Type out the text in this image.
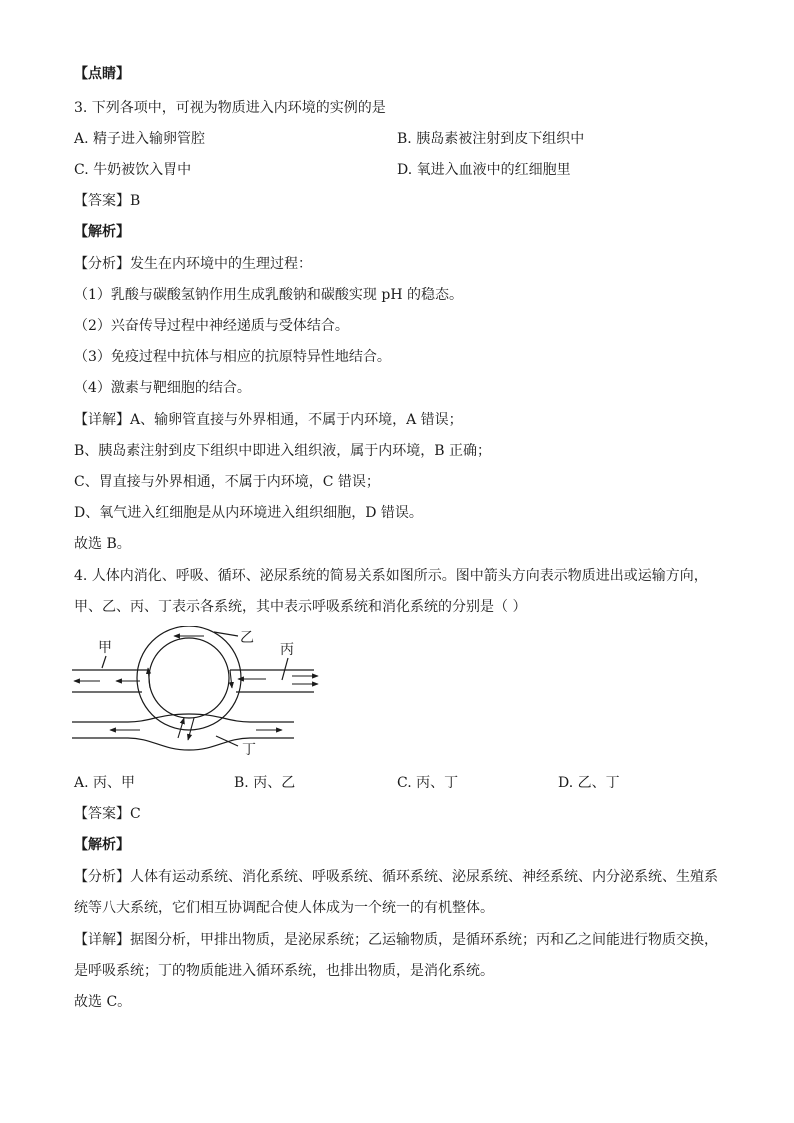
【点睛】
3. 下列各项中，可视为物质进入内环境的实例的是
A. 精子进入输卵管腔	B. 胰岛素被注射到皮下组织中
C. 牛奶被饮入胃中	D. 氧进入血液中的红细胞里
【答案】B
【解析】
【分析】发生在内环境中的生理过程：
（1）乳酸与碳酸氢钠作用生成乳酸钠和碳酸实现 pH 的稳态。
（2）兴奋传导过程中神经递质与受体结合。
（3）免疫过程中抗体与相应的抗原特异性地结合。
（4）激素与靶细胞的结合。
【详解】A、输卵管直接与外界相通，不属于内环境，A 错误；
B、胰岛素注射到皮下组织中即进入组织液，属于内环境，B 正确；
C、胃直接与外界相通，不属于内环境，C 错误；
D、氧气进入红细胞是从内环境进入组织细胞，D 错误。
故选 B。
4. 人体内消化、呼吸、循环、泌尿系统的简易关系如图所示。图中箭头方向表示物质进出或运输方向，
甲、乙、丙、丁表示各系统，其中表示呼吸系统和消化系统的分别是（ ）
甲
乙
丙
丁
A. 丙、甲	B. 丙、乙	C. 丙、丁	D. 乙、丁
【答案】C
【解析】
【分析】人体有运动系统、消化系统、呼吸系统、循环系统、泌尿系统、神经系统、内分泌系统、生殖系
统等八大系统，它们相互协调配合使人体成为一个统一的有机整体。
【详解】据图分析，甲排出物质，是泌尿系统；乙运输物质，是循环系统；丙和乙之间能进行物质交换，
是呼吸系统；丁的物质能进入循环系统，也排出物质，是消化系统。
故选 C。
